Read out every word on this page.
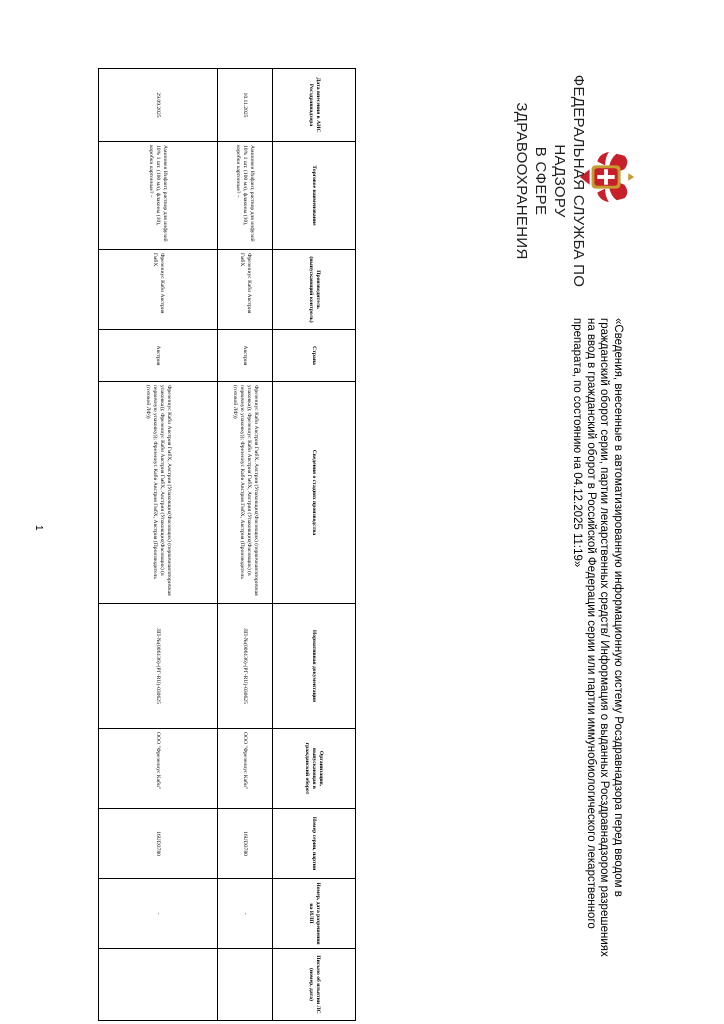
ФЕДЕРАЛЬНАЯ СЛУЖБА ПО НАДЗОРУ
В СФЕРЕ ЗДРАВООХРАНЕНИЯ
«Сведения, внесенные в автоматизированную информационную систему Росздравнадзора перед вводом в гражданский оборот серии, партии лекарственных средств/ Информация о выданных Росздравнадзором разрешениях на ввод в гражданский оборот в Российской Федерации серии или партии иммунобиологического лекарственного препарата, по состоянию на 04.12.2025 11:19»
Дата внесения в АИС Росздравнадзора	Торговое наименование	Производитель (выпускающий контроль)	Страна	Сведения о стадиях производства	Нормативная документация	Организация, выпускающая в гражданский оборот	Номер серии, партии	Номер, дата разрешения на ИЛП	Письмо об изъятии ЛС (номер, дата)
10.11.2025	Аминовен Инфант, раствор для инфузий 10% 1 шт. (100 мл), флаконы (10), коробки картонные? –	Фрезениус Каби Австрия ГмбХ	Австрия	Фрезениус Каби Австрия ГмбХ, Австрия (Упаковщик(Фасовщик) (первичная/вторичная упаковка)); Фрезениус Каби Австрия ГмбХ, Австрия (Упаковщик(Фасовщик) (в первичную упаковку)); Фрезениус Каби Австрия ГмбХ, Австрия (Производитель (готовой ЛФ))	ЛП-№(006136)-(РГ-RU)-030625	ООО "Фрезениус Каби"	16UD3780	-	
29.09.2025	Аминовен Инфант, раствор для инфузий 10% 1 шт. (100 мл), флаконы (10), коробки картонные? –	Фрезениус Каби Австрия ГмбХ	Австрия	Фрезениус Каби Австрия ГмбХ, Австрия (Упаковщик(Фасовщик) (первичная/вторичная упаковка)); Фрезениус Каби Австрия ГмбХ, Австрия (Упаковщик(Фасовщик) (в первичную упаковку)); Фрезениус Каби Австрия ГмбХ, Австрия (Производитель (готовой ЛФ))	ЛП-№(006136)-(РГ-RU)-030625	ООО "Фрезениус Каби"	16UD3780	-	
1
